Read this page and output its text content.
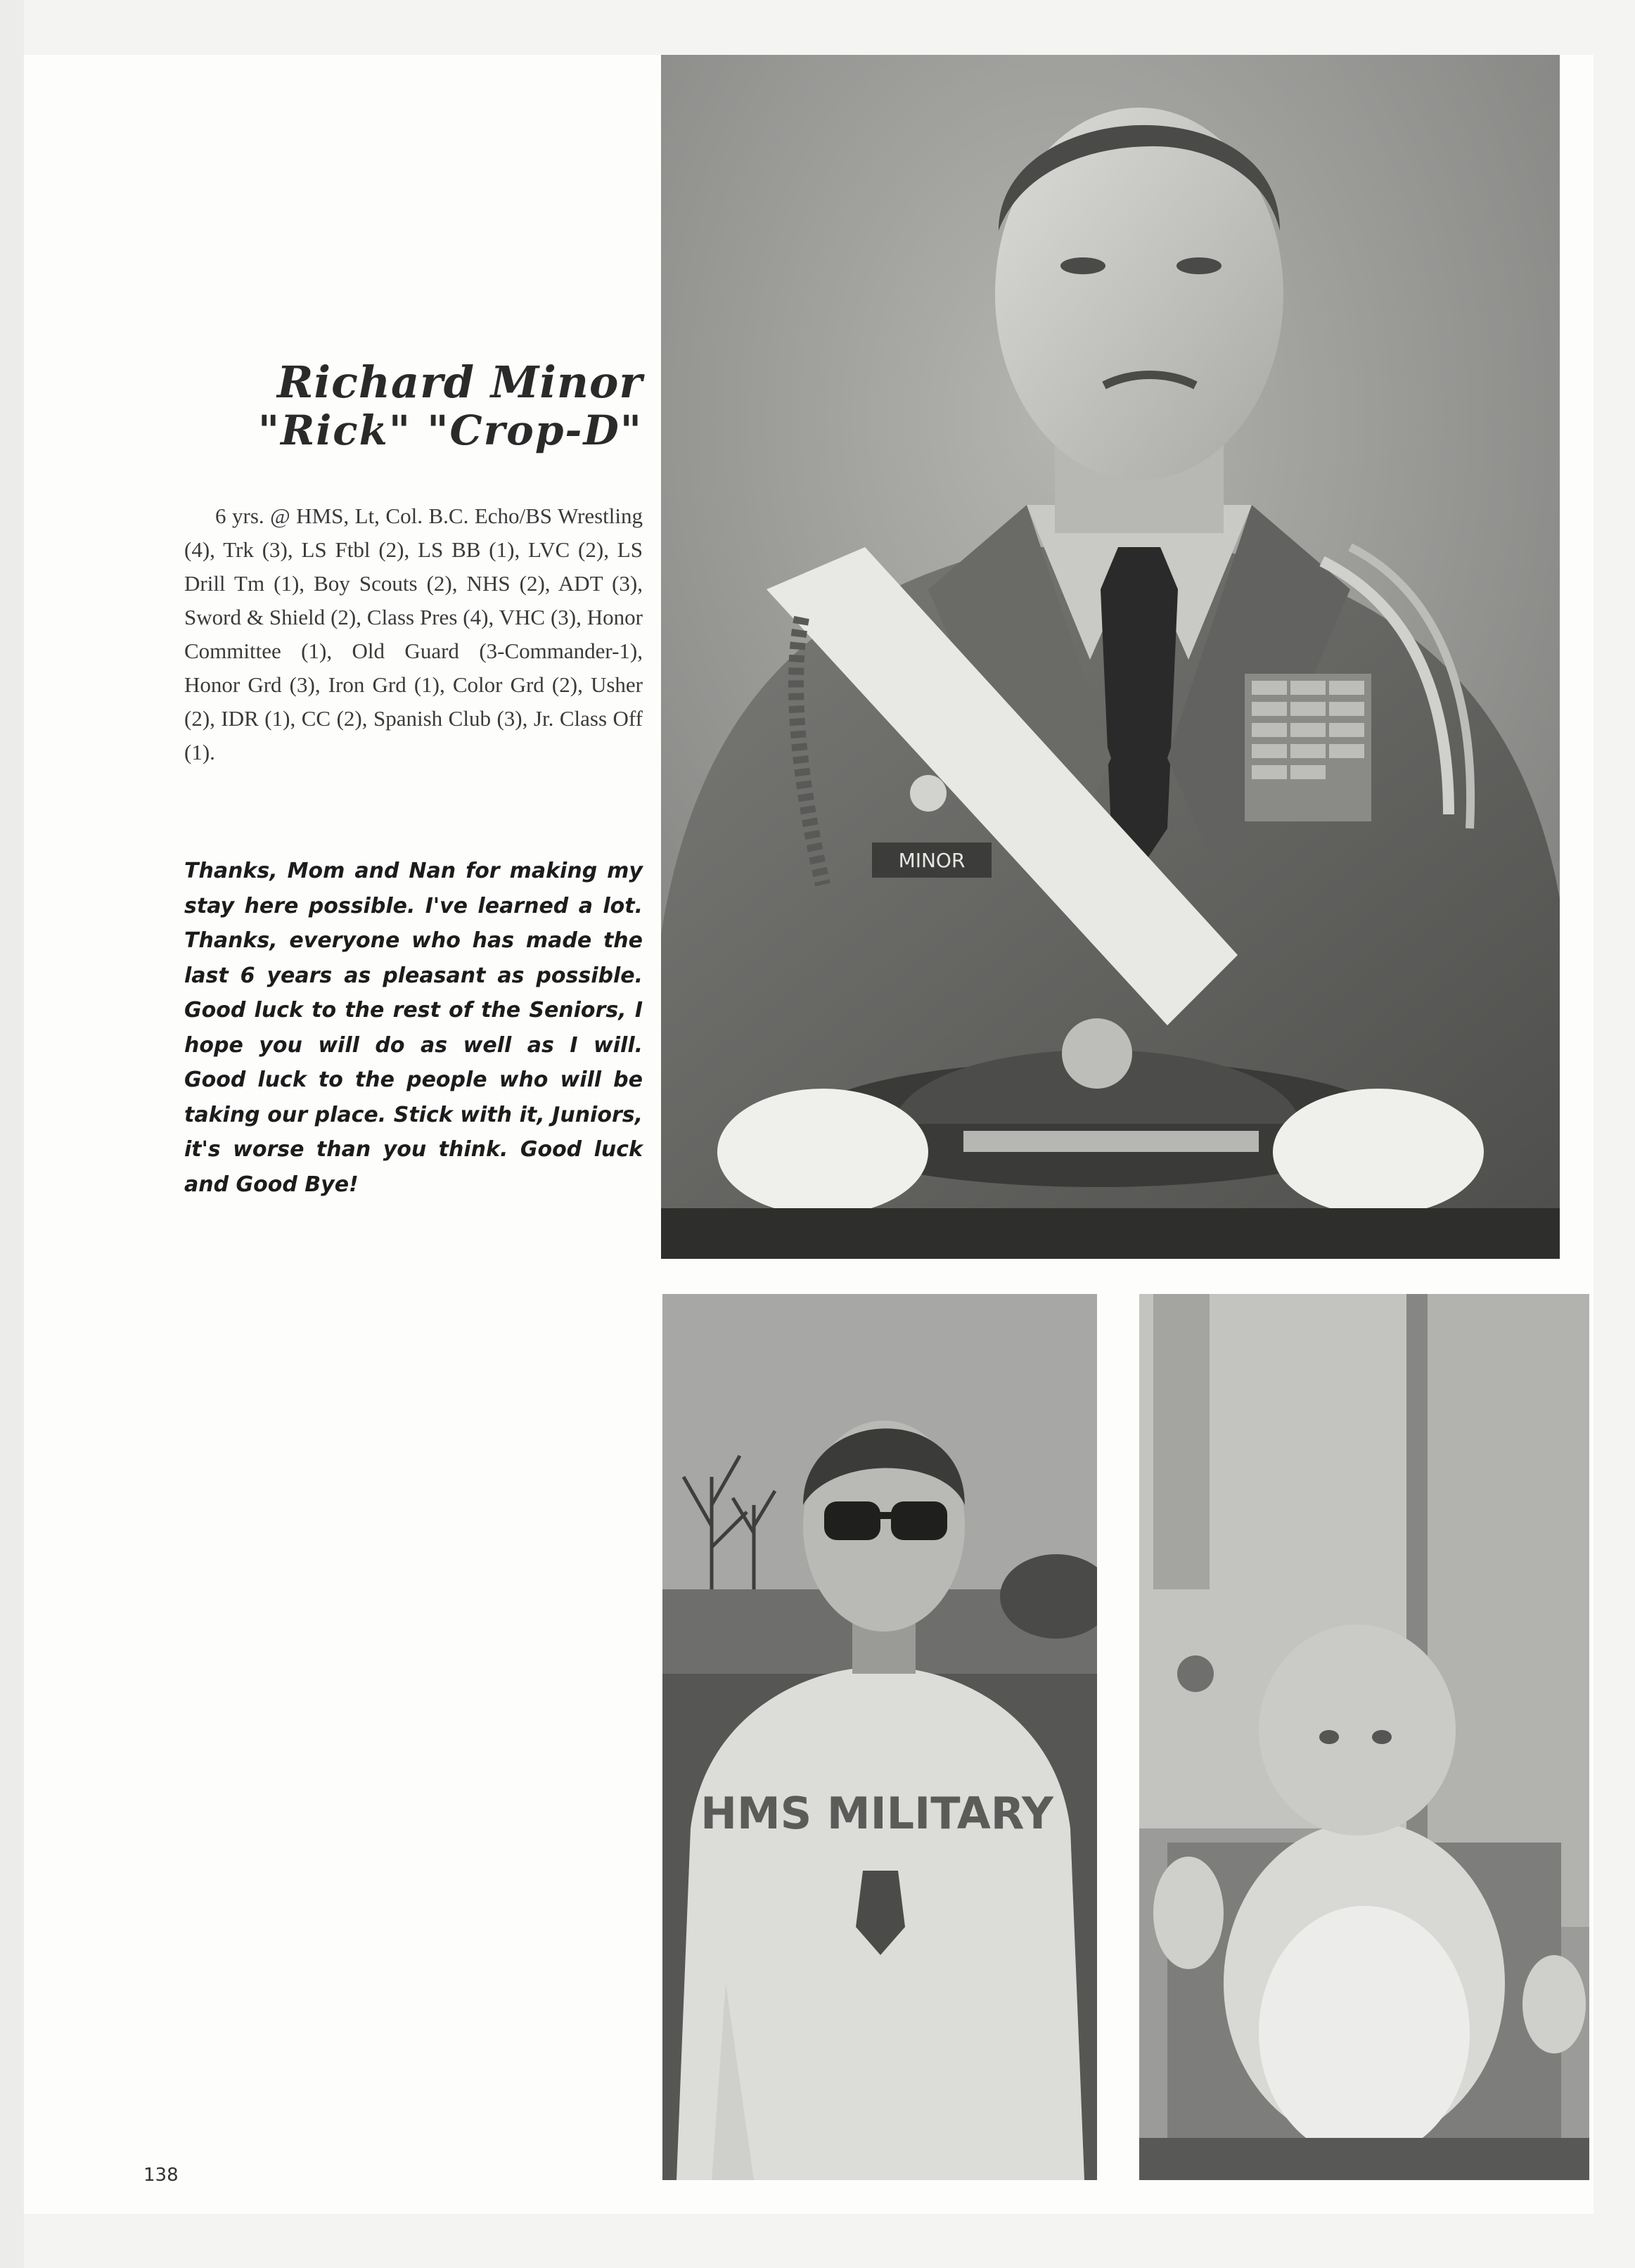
MINOR
HMS MILITARY
Richard Minor
"Rick" "Crop-D"
6 yrs. @ HMS, Lt, Col. B.C. Echo/BS Wrestling (4), Trk (3), LS Ftbl (2), LS BB (1), LVC (2), LS Drill Tm (1), Boy Scouts (2), NHS (2), ADT (3), Sword & Shield (2), Class Pres (4), VHC (3), Honor Committee (1), Old Guard (3-Commander-1), Honor Grd (3), Iron Grd (1), Color Grd (2), Usher (2), IDR (1), CC (2), Spanish Club (3), Jr. Class Off (1).
Thanks, Mom and Nan for making my stay here possible. I've learned a lot. Thanks, everyone who has made the last 6 years as pleasant as possible. Good luck to the rest of the Seniors, I hope you will do as well as I will. Good luck to the people who will be taking our place. Stick with it, Juniors, it's worse than you think. Good luck and Good Bye!
138
